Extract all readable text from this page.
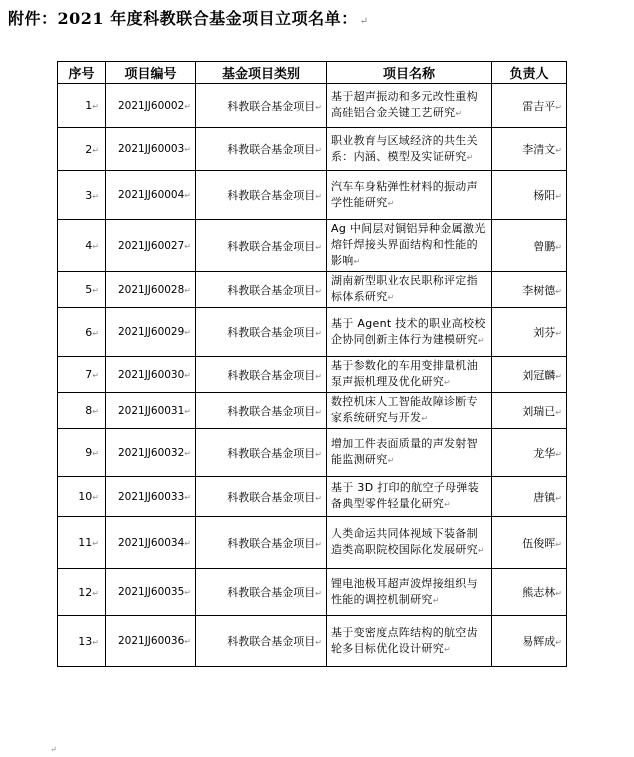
附件：2021 年度科教联合基金项目立项名单： ↵
序号	项目编号	基金项目类别	项目名称	负责人
1↵	2021JJ60002↵	科教联合基金项目↵	基于超声振动和多元改性重构高硅铝合金关键工艺研究↵	雷吉平↵
2↵	2021JJ60003↵	科教联合基金项目↵	职业教育与区域经济的共生关系：内涵、模型及实证研究↵	李清文↵
3↵	2021JJ60004↵	科教联合基金项目↵	汽车车身粘弹性材料的振动声学性能研究↵	杨阳↵
4↵	2021JJ60027↵	科教联合基金项目↵	Ag 中间层对铜铝异种金属激光熔钎焊接头界面结构和性能的影响↵	曾鹏↵
5↵	2021JJ60028↵	科教联合基金项目↵	湖南新型职业农民职称评定指标体系研究↵	李树德↵
6↵	2021JJ60029↵	科教联合基金项目↵	基于 Agent 技术的职业高校校企协同创新主体行为建模研究↵	刘芬↵
7↵	2021JJ60030↵	科教联合基金项目↵	基于参数化的车用变排量机油泵声振机理及优化研究↵	刘冠麟↵
8↵	2021JJ60031↵	科教联合基金项目↵	数控机床人工智能故障诊断专家系统研究与开发↵	刘瑞已↵
9↵	2021JJ60032↵	科教联合基金项目↵	增加工件表面质量的声发射智能监测研究↵	龙华↵
10↵	2021JJ60033↵	科教联合基金项目↵	基于 3D 打印的航空子母弹装备典型零件轻量化研究↵	唐镇↵
11↵	2021JJ60034↵	科教联合基金项目↵	人类命运共同体视域下装备制造类高职院校国际化发展研究↵	伍俊晖↵
12↵	2021JJ60035↵	科教联合基金项目↵	锂电池极耳超声波焊接组织与性能的调控机制研究↵	熊志林↵
13↵	2021JJ60036↵	科教联合基金项目↵	基于变密度点阵结构的航空齿轮多目标优化设计研究↵	易辉成↵
↵
